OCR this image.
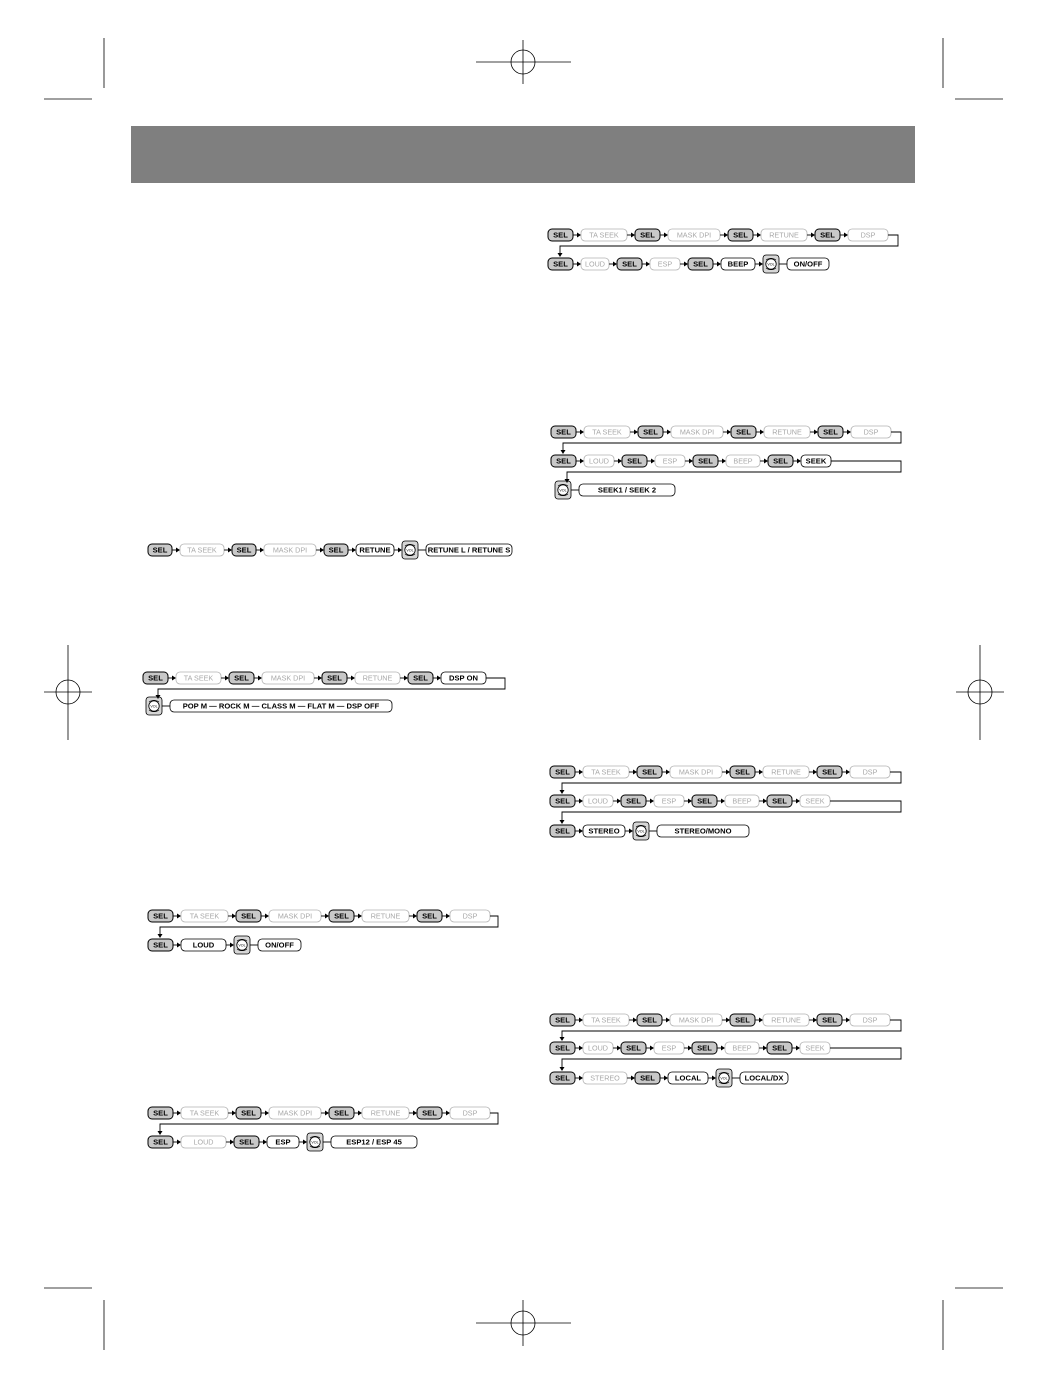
SEL	TA SEEK	SEL	MASK DPI	SEL RETUNE	VOL RETUNE L / RETUNE S
SEL	TA SEEK	SEL	MASK DPI	SEL	RETUNE	SEL	DSP ON
VOL	POP M — ROCK M — CLASS M — FLAT M — DSP OFF
SEL	TA SEEK	SEL	MASK DPI	SEL	RETUNE	SEL	DSP
SEL	LOUD	VOL	ON/OFF
SEL	TA SEEK	SEL	MASK DPI	SEL	RETUNE	SEL	DSP
SEL	LOUD	SEL	ESP	VOL	ESP12 / ESP 45
SEL	TA SEEK	SEL	MASK DPI	SEL	RETUNE	SEL	DSP
SEL LOUD SEL	ESP	SEL	BEEP	VOL	ON/OFF
SEL	TA SEEK	SEL	MASK DPI	SEL	RETUNE	SEL	DSP
SEL	LOUD SEL	ESP	SEL	BEEP	SEL SEEK
VOL	SEEK1 / SEEK 2
SEL	TA SEEK	SEL	MASK DPI	SEL	RETUNE	SEL	DSP
SEL	LOUD SEL	ESP	SEL	BEEP	SEL	SEEK
SEL STEREO	VOL	STEREO/MONO
SEL	TA SEEK	SEL	MASK DPI	SEL	RETUNE	SEL	DSP
SEL	LOUD SEL	ESP	SEL	BEEP	SEL	SEEK
SEL	STEREO	SEL	LOCAL	VOL LOCAL/DX
